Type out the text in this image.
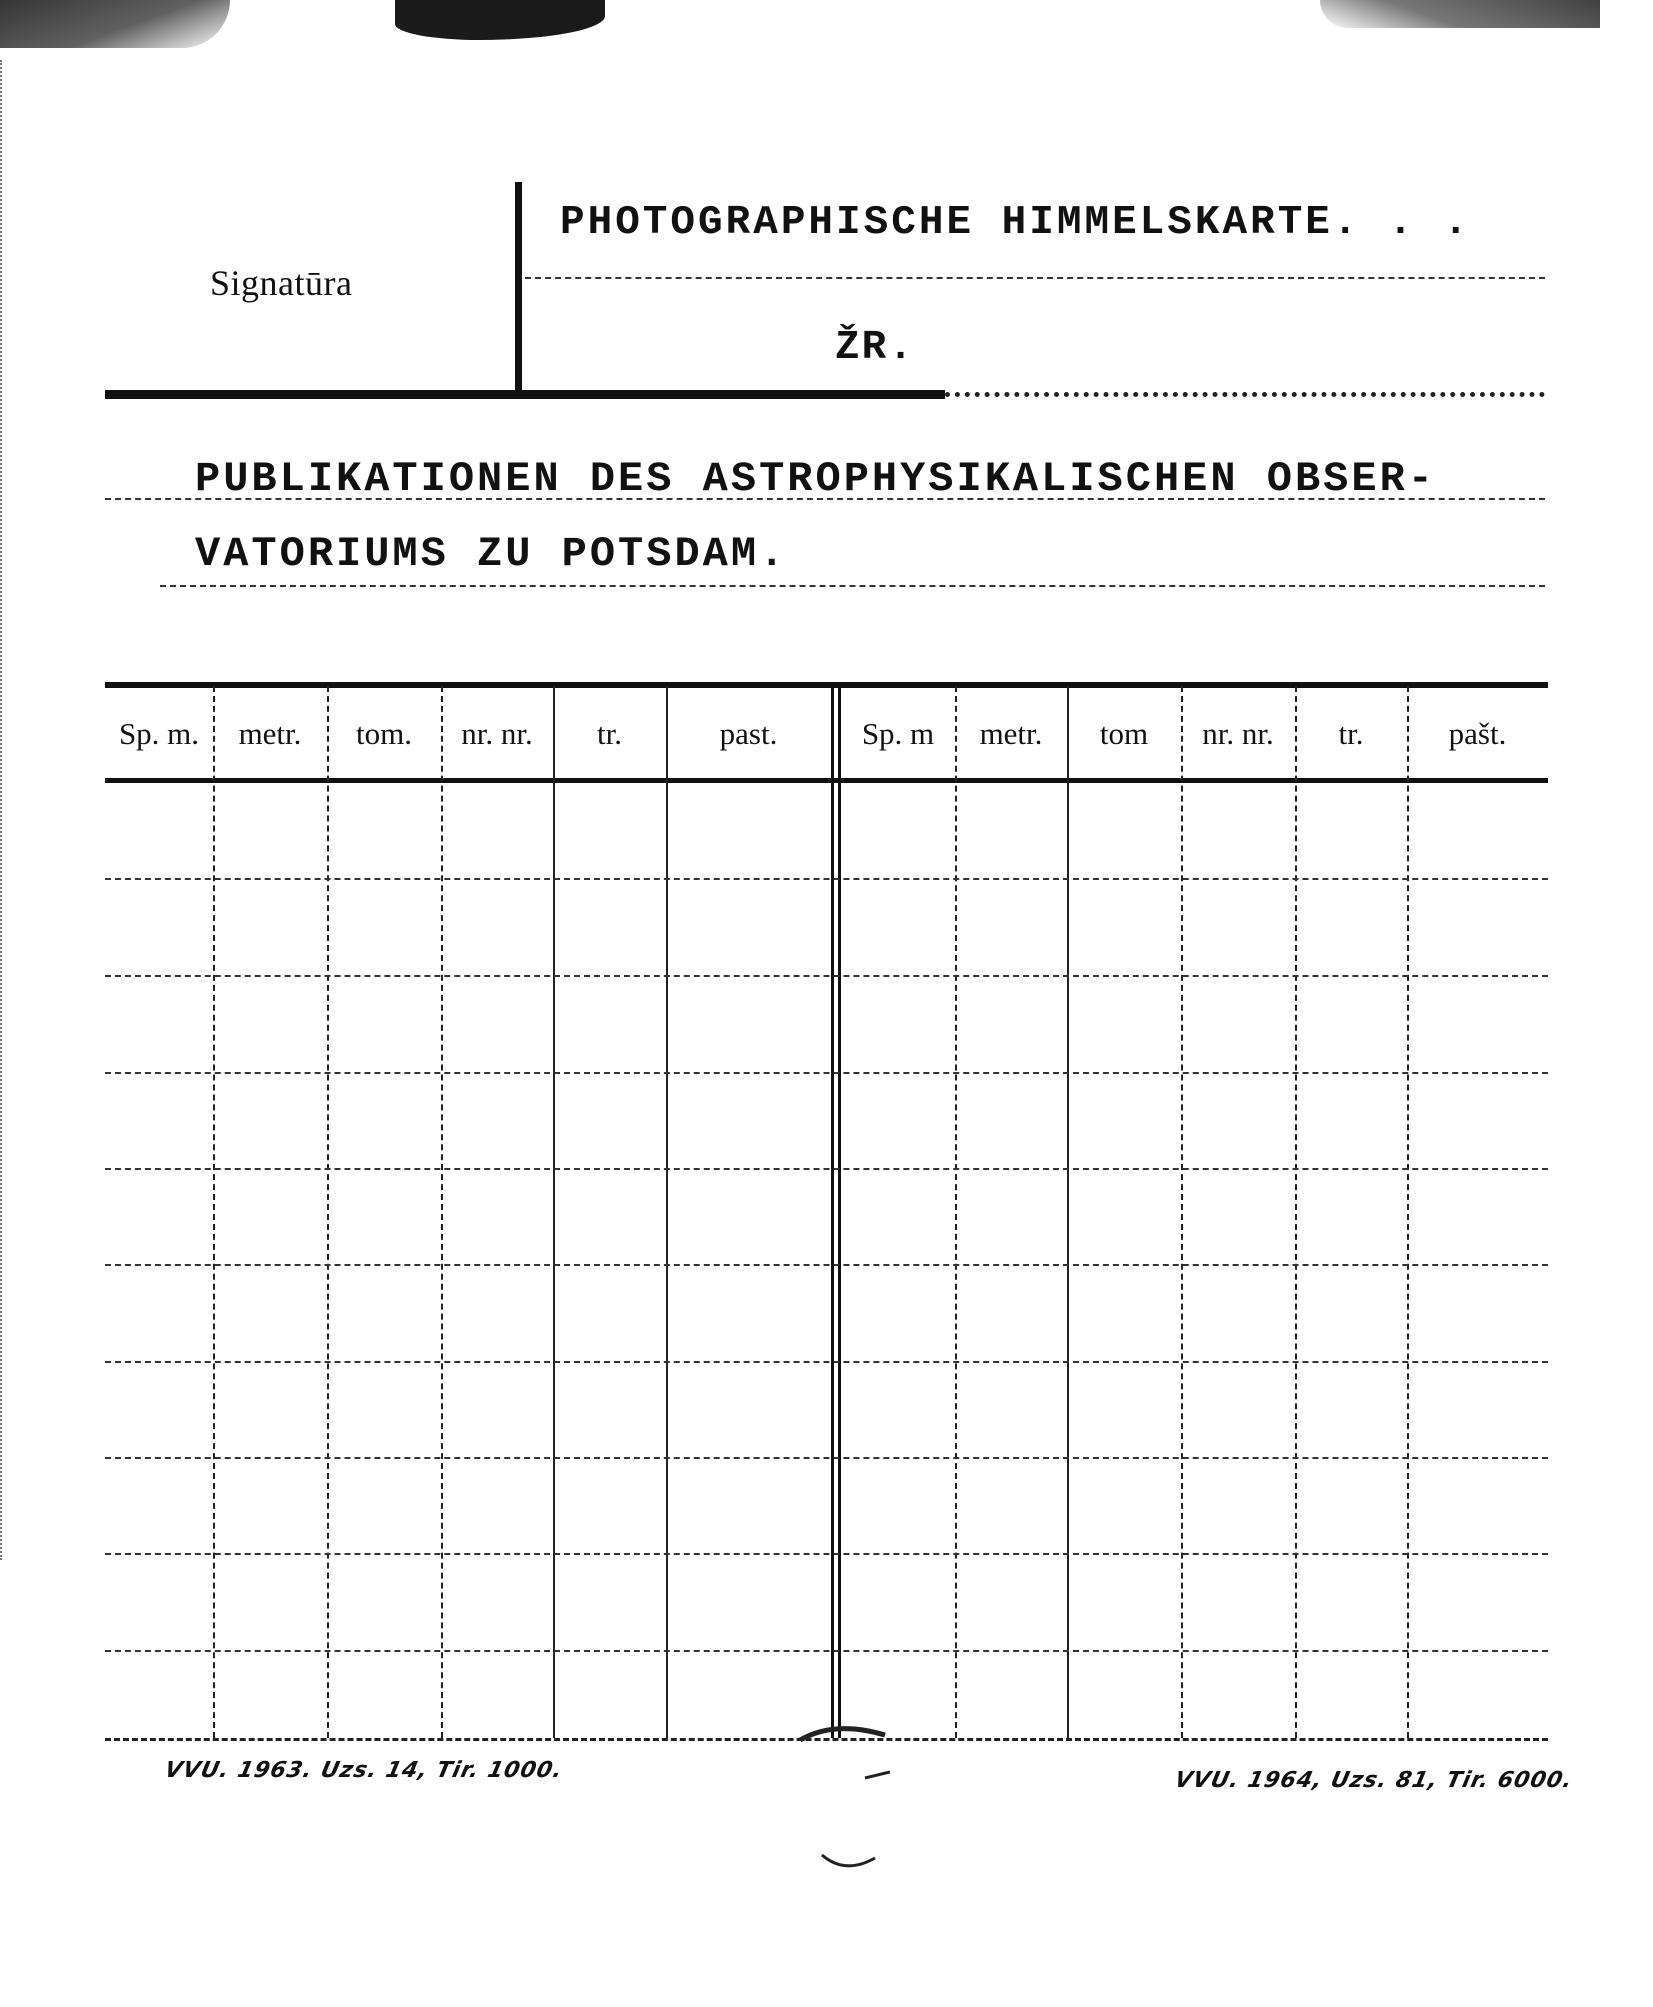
Signatūra
PHOTOGRAPHISCHE HIMMELSKARTE. . .
ŽR.
PUBLIKATIONEN DES ASTROPHYSIKALISCHEN OBSER-
VATORIUMS ZU POTSDAM.
Sp. m.	metr.	tom.	nr. nr.	tr.	past.	Sp. m	metr.	tom	nr. nr.	tr.	pašt.
VVU. 1963. Uzs. 14, Tir. 1000.	VVU. 1964, Uzs. 81, Tir. 6000.
